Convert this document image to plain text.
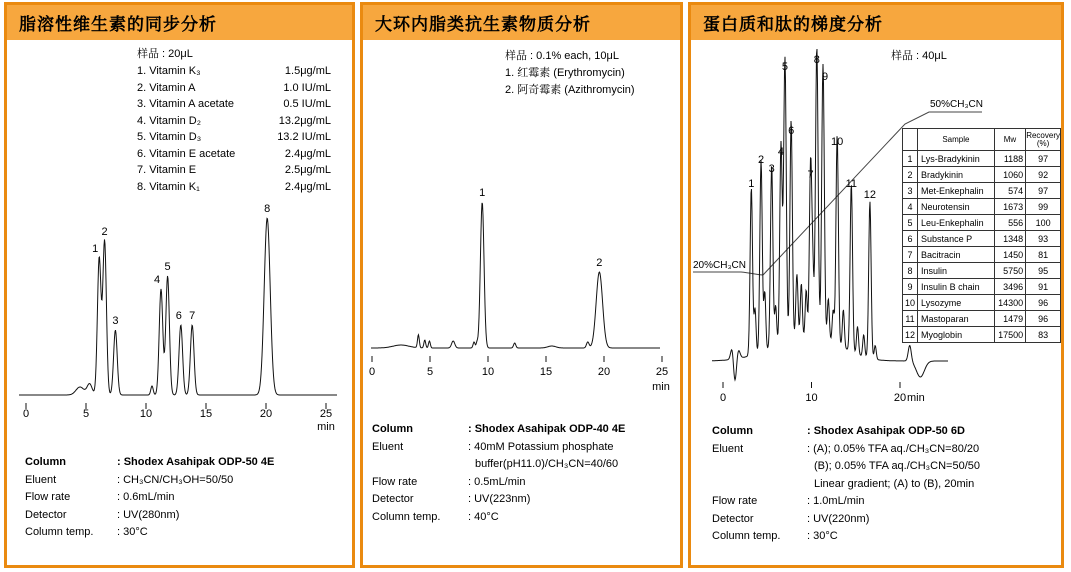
脂溶性维生素的同步分析
样品 : 20μL
1. Vitamin K₃	1.5μg/mL
2. Vitamin A	1.0 IU/mL
3. Vitamin A acetate	0.5 IU/mL
4. Vitamin D₂	13.2μg/mL
5. Vitamin D₃	13.2 IU/mL
6. Vitamin E acetate	2.4μg/mL
7. Vitamin E	2.5μg/mL
8. Vitamin K₁	2.4μg/mL
0	5	10	15	20	25
min
1
2
3
4
5
6 7
8
Column	: Shodex Asahipak ODP-50 4E
Eluent	: CH₃CN/CH₃OH=50/50
Flow rate	: 0.6mL/min
Detector	: UV(280nm)
Column temp.	: 30°C
大环内脂类抗生素物质分析
样品 : 0.1% each, 10μL
1. 红霉素 (Erythromycin)
2. 阿奇霉素 (Azithromycin)
0	5	10	15	20	25
min
1
2
Column	: Shodex Asahipak ODP-40 4E
Eluent	: 40mM Potassium phosphate
buffer(pH11.0)/CH₃CN=40/60
Flow rate	: 0.5mL/min
Detector	: UV(223nm)
Column temp.	: 40°C
蛋白质和肽的梯度分析
样品 : 40μL
0	10	20 min
20%CH₃CN
50%CH₃CN
1
2
3
4
5
6
7
8
9
10
11
12

	Sample	Mw	Recovery
(%)

1	Lys-Bradykinin	1188	97
2	Bradykinin	1060	92
3	Met-Enkephalin	574	97
4	Neurotensin	1673	99
5	Leu-Enkephalin	556	100
6	Substance P	1348	93
7	Bacitracin	1450	81
8	Insulin	5750	95
9	Insulin B chain	3496	91
10	Lysozyme	14300	96
11	Mastoparan	1479	96
12	Myoglobin	17500	83
Column	: Shodex Asahipak ODP-50 6D
Eluent	: (A); 0.05% TFA aq./CH₃CN=80/20
(B); 0.05% TFA aq./CH₃CN=50/50
Linear gradient; (A) to (B), 20min
Flow rate	: 1.0mL/min
Detector	: UV(220nm)
Column temp.	: 30°C
